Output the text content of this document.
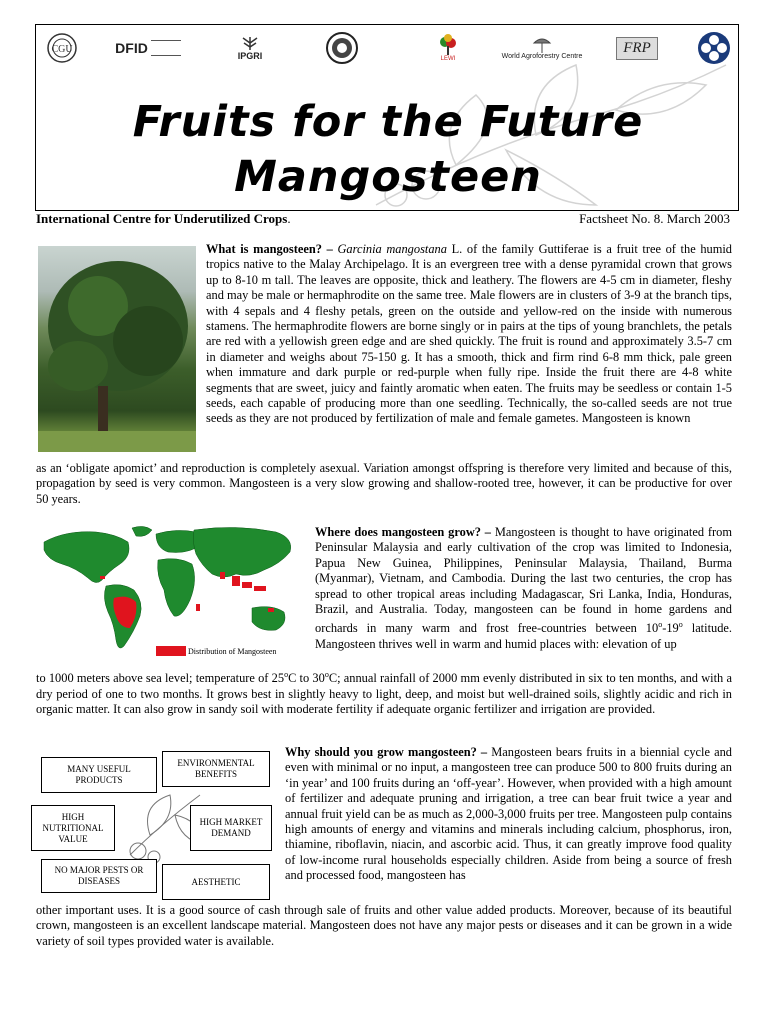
CGU	DFID	IPGRI	LEWI	World Agroforestry Centre
FRP
Fruits for the Future
Mangosteen
International Centre for Underutilized Crops.	Factsheet No. 8. March 2003
What is mangosteen? – Garcinia mangostana L. of the family Guttiferae is a fruit tree of the humid tropics native to the Malay Archipelago. It is an evergreen tree with a dense pyramidal crown that grows up to 8-10 m tall. The leaves are opposite, thick and leathery. The flowers are 4-5 cm in diameter, fleshy and may be male or hermaphrodite on the same tree. Male flowers are in clusters of 3-9 at the branch tips, with 4 sepals and 4 fleshy petals, green on the outside and yellow-red on the inside with numerous stamens. The hermaphrodite flowers are borne singly or in pairs at the tips of young branchlets, the petals are red with a yellowish green edge and are shed quickly. The fruit is round and approximately 3.5-7 cm in diameter and weighs about 75-150 g. It has a smooth, thick and firm rind 6-8 mm thick, pale green when immature and dark purple or red-purple when fully ripe. Inside the fruit there are 4-8 white segments that are sweet, juicy and faintly aromatic when eaten. The fruits may be seedless or contain 1-5 seeds, each capable of producing more than one seedling. Technically, the so-called seeds are not true seeds as they are not produced by fertilization of male and female gametes. Mangosteen is known
as an ‘obligate apomict’ and reproduction is completely asexual. Variation amongst offspring is therefore very limited and because of this, propagation by seed is very common. Mangosteen is a very slow growing and shallow-rooted tree, however, it can be productive for over 50 years.
Distribution of Mangosteen
Where does mangosteen grow? – Mangosteen is thought to have originated from Peninsular Malaysia and early cultivation of the crop was limited to Indonesia, Papua New Guinea, Philippines, Peninsular Malaysia, Thailand, Burma (Myanmar), Vietnam, and Cambodia. During the last two centuries, the crop has spread to other tropical areas including Madagascar, Sri Lanka, India, Honduras, Brazil, and Australia. Today, mangosteen can be found in home gardens and orchards in many warm and frost free-countries between 10$^o$-19$^o$ latitude. Mangosteen thrives well in warm and humid places with: elevation of up
to 1000 meters above sea level; temperature of 25$^o$C to 30$^o$C; annual rainfall of 2000 mm evenly distributed in six to ten months, and with a dry period of one to two months. It grows best in slightly heavy to light, deep, and moist but well-drained soils, slightly acidic and rich in organic matter. It can also grow in sandy soil with moderate fertility if adequate organic fertilizer and irrigation are provided.
MANY USEFUL PRODUCTS
ENVIRONMENTAL BENEFITS
HIGH NUTRITIONAL VALUE
HIGH MARKET DEMAND
NO MAJOR PESTS OR DISEASES	AESTHETIC
Why should you grow mangosteen? – Mangosteen bears fruits in a biennial cycle and even with minimal or no input, a mangosteen tree can produce 500 to 800 fruits during an ‘in year’ and 100 fruits during an ‘off-year’. However, when provided with a high amount of fertilizer and adequate pruning and irrigation, a tree can bear fruit twice a year and annual fruit yield can be as much as 2,000-3,000 fruits per tree. Mangosteen pulp contains high amounts of energy and vitamins and minerals including calcium, phosphorus, iron, thiamine, riboflavin, niacin, and ascorbic acid. Thus, it can greatly improve food quality of low-income rural households especially children. Aside from being a source of fresh and processed food, mangosteen has
other important uses. It is a good source of cash through sale of fruits and other value added products. Moreover, because of its beautiful crown, mangosteen is an excellent landscape material. Mangosteen does not have any major pests or diseases and it can be grown in a wide variety of soil types provided water is available.
